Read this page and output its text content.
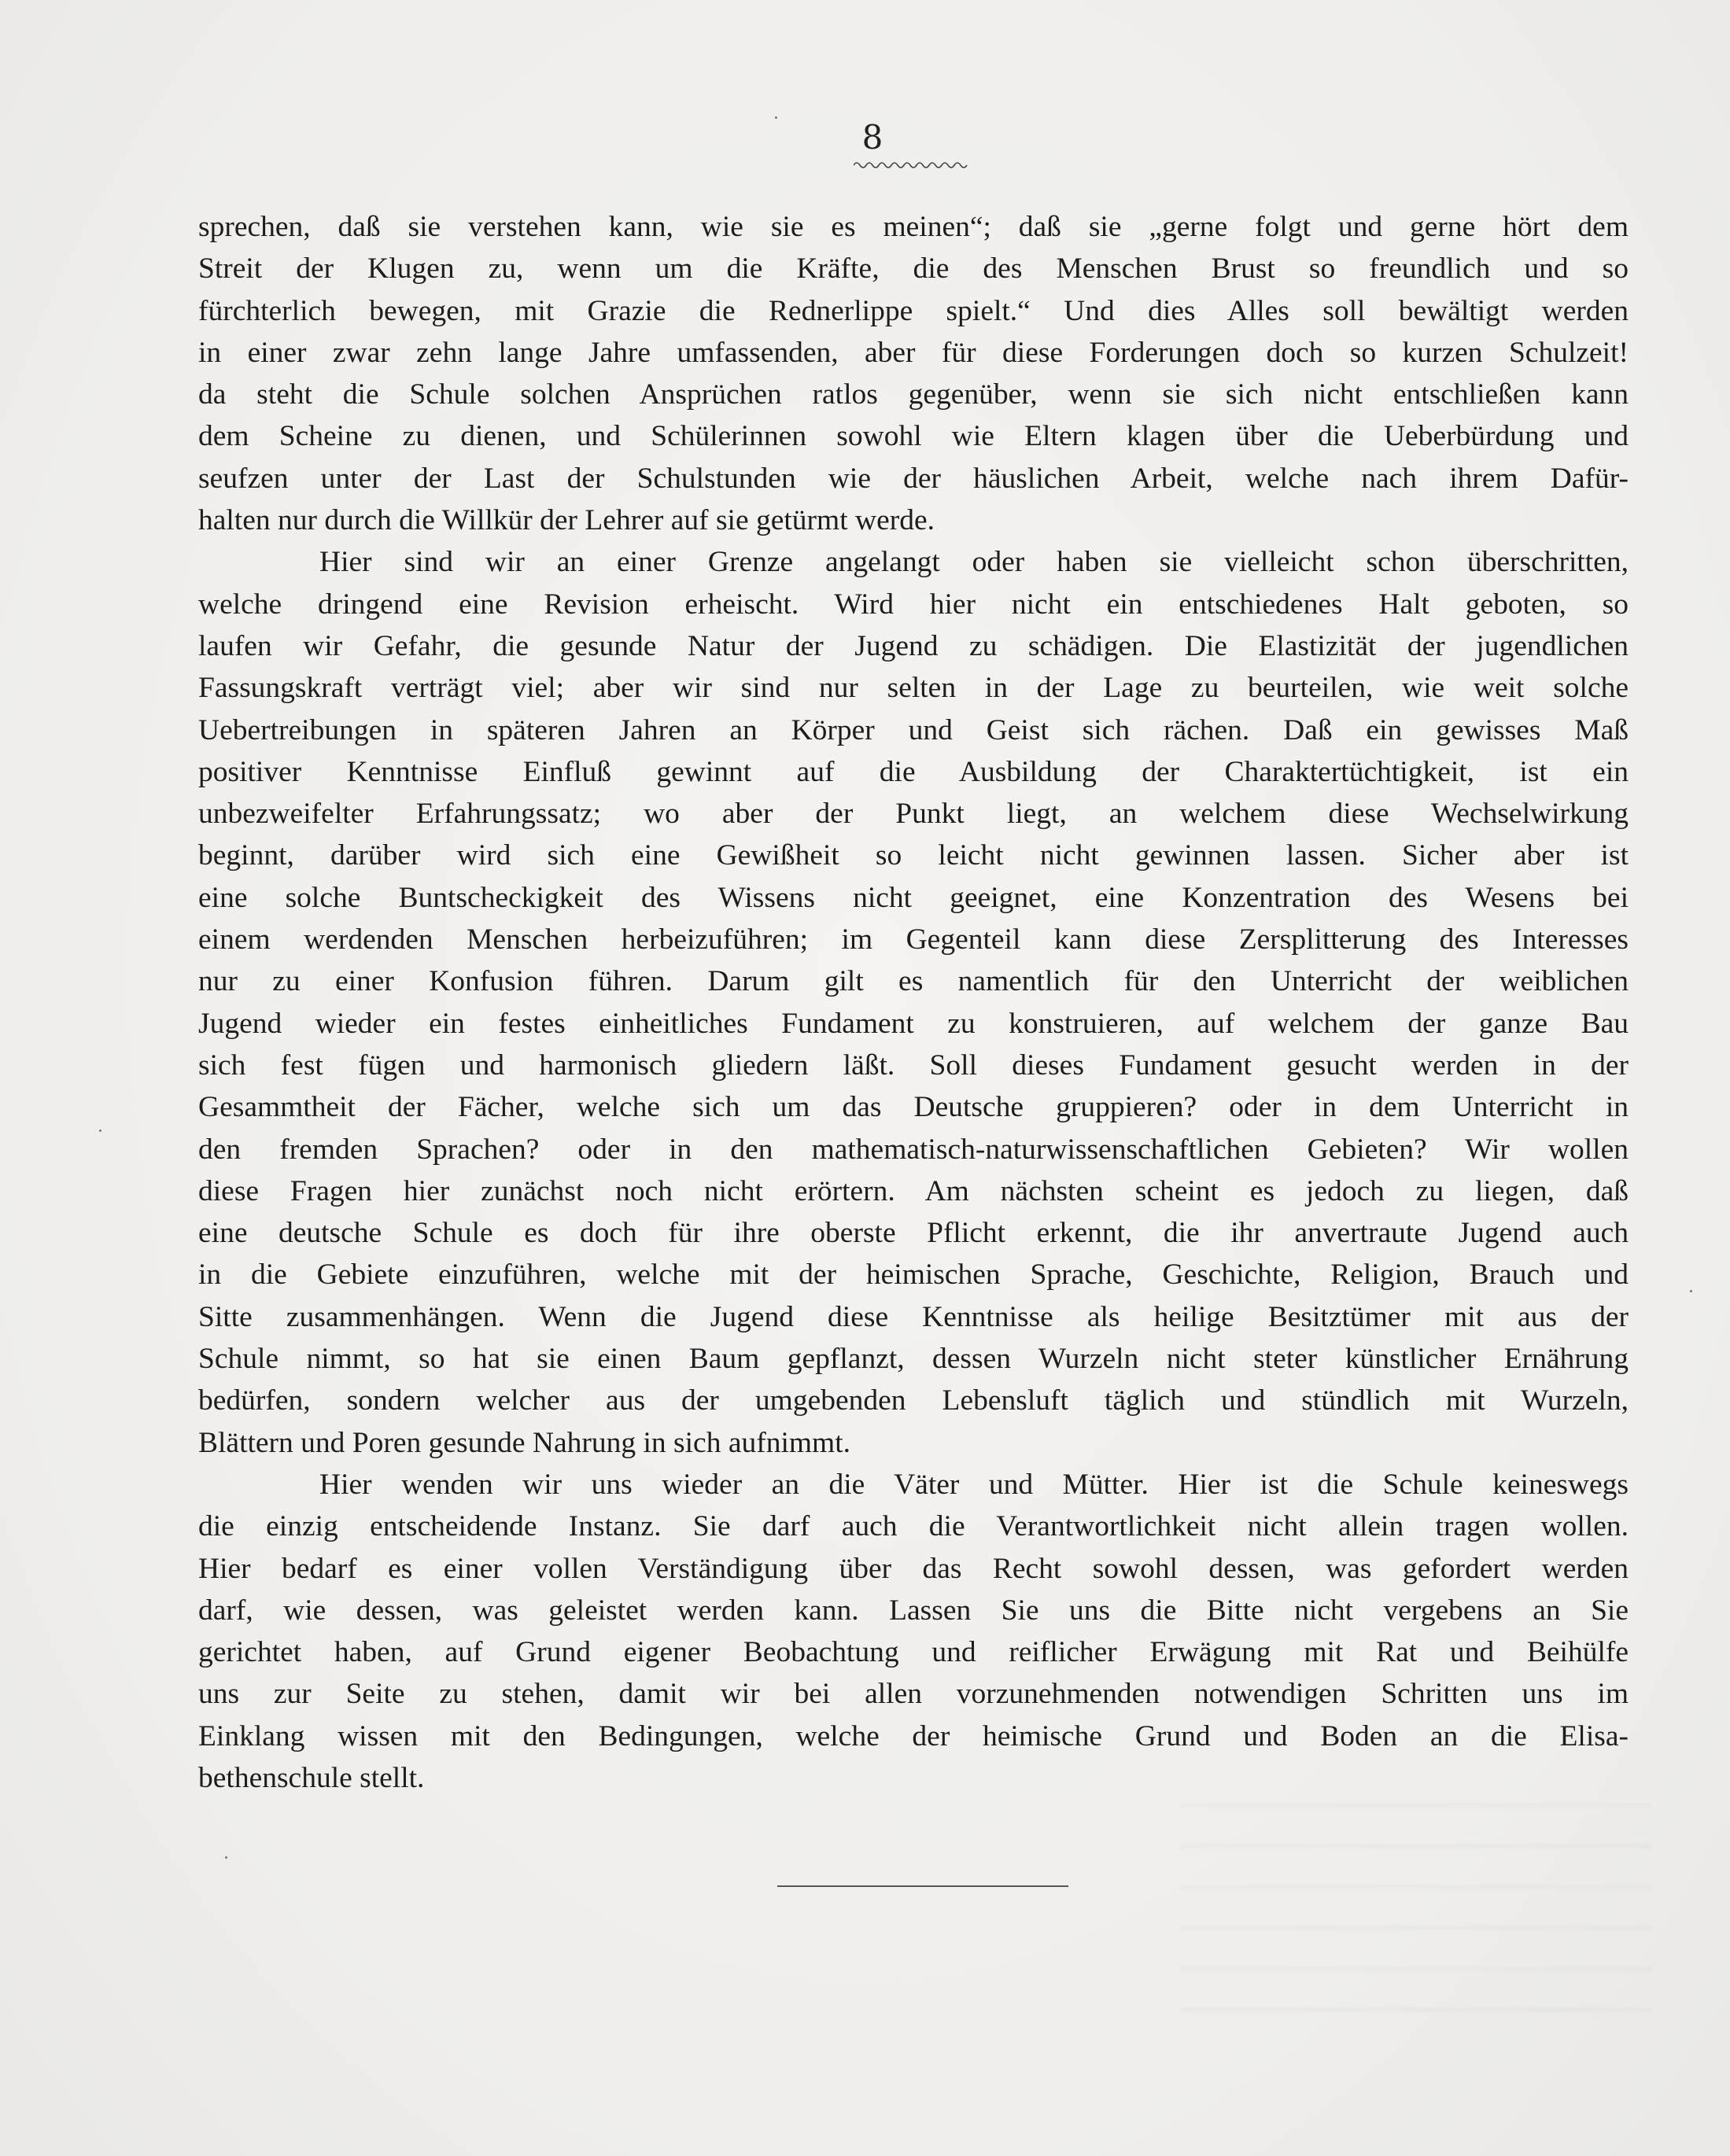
8
sprechen, daß sie verstehen kann, wie sie es meinen“; daß sie „gerne folgt und gerne hört dem
Streit der Klugen zu, wenn um die Kräfte, die des Menschen Brust so freundlich und so
fürchterlich bewegen, mit Grazie die Rednerlippe spielt.“ Und dies Alles soll bewältigt werden
in einer zwar zehn lange Jahre umfassenden, aber für diese Forderungen doch so kurzen Schulzeit!
da steht die Schule solchen Ansprüchen ratlos gegenüber, wenn sie sich nicht entschließen kann
dem Scheine zu dienen, und Schülerinnen sowohl wie Eltern klagen über die Ueberbürdung und
seufzen unter der Last der Schulstunden wie der häuslichen Arbeit, welche nach ihrem Dafür-
halten nur durch die Willkür der Lehrer auf sie getürmt werde.
Hier sind wir an einer Grenze angelangt oder haben sie vielleicht schon überschritten,
welche dringend eine Revision erheischt. Wird hier nicht ein entschiedenes Halt geboten, so
laufen wir Gefahr, die gesunde Natur der Jugend zu schädigen. Die Elastizität der jugendlichen
Fassungskraft verträgt viel; aber wir sind nur selten in der Lage zu beurteilen, wie weit solche
Uebertreibungen in späteren Jahren an Körper und Geist sich rächen. Daß ein gewisses Maß
positiver Kenntnisse Einfluß gewinnt auf die Ausbildung der Charaktertüchtigkeit, ist ein
unbezweifelter Erfahrungssatz; wo aber der Punkt liegt, an welchem diese Wechselwirkung
beginnt, darüber wird sich eine Gewißheit so leicht nicht gewinnen lassen. Sicher aber ist
eine solche Buntscheckigkeit des Wissens nicht geeignet, eine Konzentration des Wesens bei
einem werdenden Menschen herbeizuführen; im Gegenteil kann diese Zersplitterung des Interesses
nur zu einer Konfusion führen. Darum gilt es namentlich für den Unterricht der weiblichen
Jugend wieder ein festes einheitliches Fundament zu konstruieren, auf welchem der ganze Bau
sich fest fügen und harmonisch gliedern läßt. Soll dieses Fundament gesucht werden in der
Gesammtheit der Fächer, welche sich um das Deutsche gruppieren? oder in dem Unterricht in
den fremden Sprachen? oder in den mathematisch-naturwissenschaftlichen Gebieten? Wir wollen
diese Fragen hier zunächst noch nicht erörtern. Am nächsten scheint es jedoch zu liegen, daß
eine deutsche Schule es doch für ihre oberste Pflicht erkennt, die ihr anvertraute Jugend auch
in die Gebiete einzuführen, welche mit der heimischen Sprache, Geschichte, Religion, Brauch und
Sitte zusammenhängen. Wenn die Jugend diese Kenntnisse als heilige Besitztümer mit aus der
Schule nimmt, so hat sie einen Baum gepflanzt, dessen Wurzeln nicht steter künstlicher Ernährung
bedürfen, sondern welcher aus der umgebenden Lebensluft täglich und stündlich mit Wurzeln,
Blättern und Poren gesunde Nahrung in sich aufnimmt.
Hier wenden wir uns wieder an die Väter und Mütter. Hier ist die Schule keineswegs
die einzig entscheidende Instanz. Sie darf auch die Verantwortlichkeit nicht allein tragen wollen.
Hier bedarf es einer vollen Verständigung über das Recht sowohl dessen, was gefordert werden
darf, wie dessen, was geleistet werden kann. Lassen Sie uns die Bitte nicht vergebens an Sie
gerichtet haben, auf Grund eigener Beobachtung und reiflicher Erwägung mit Rat und Beihülfe
uns zur Seite zu stehen, damit wir bei allen vorzunehmenden notwendigen Schritten uns im
Einklang wissen mit den Bedingungen, welche der heimische Grund und Boden an die Elisa-
bethenschule stellt.
